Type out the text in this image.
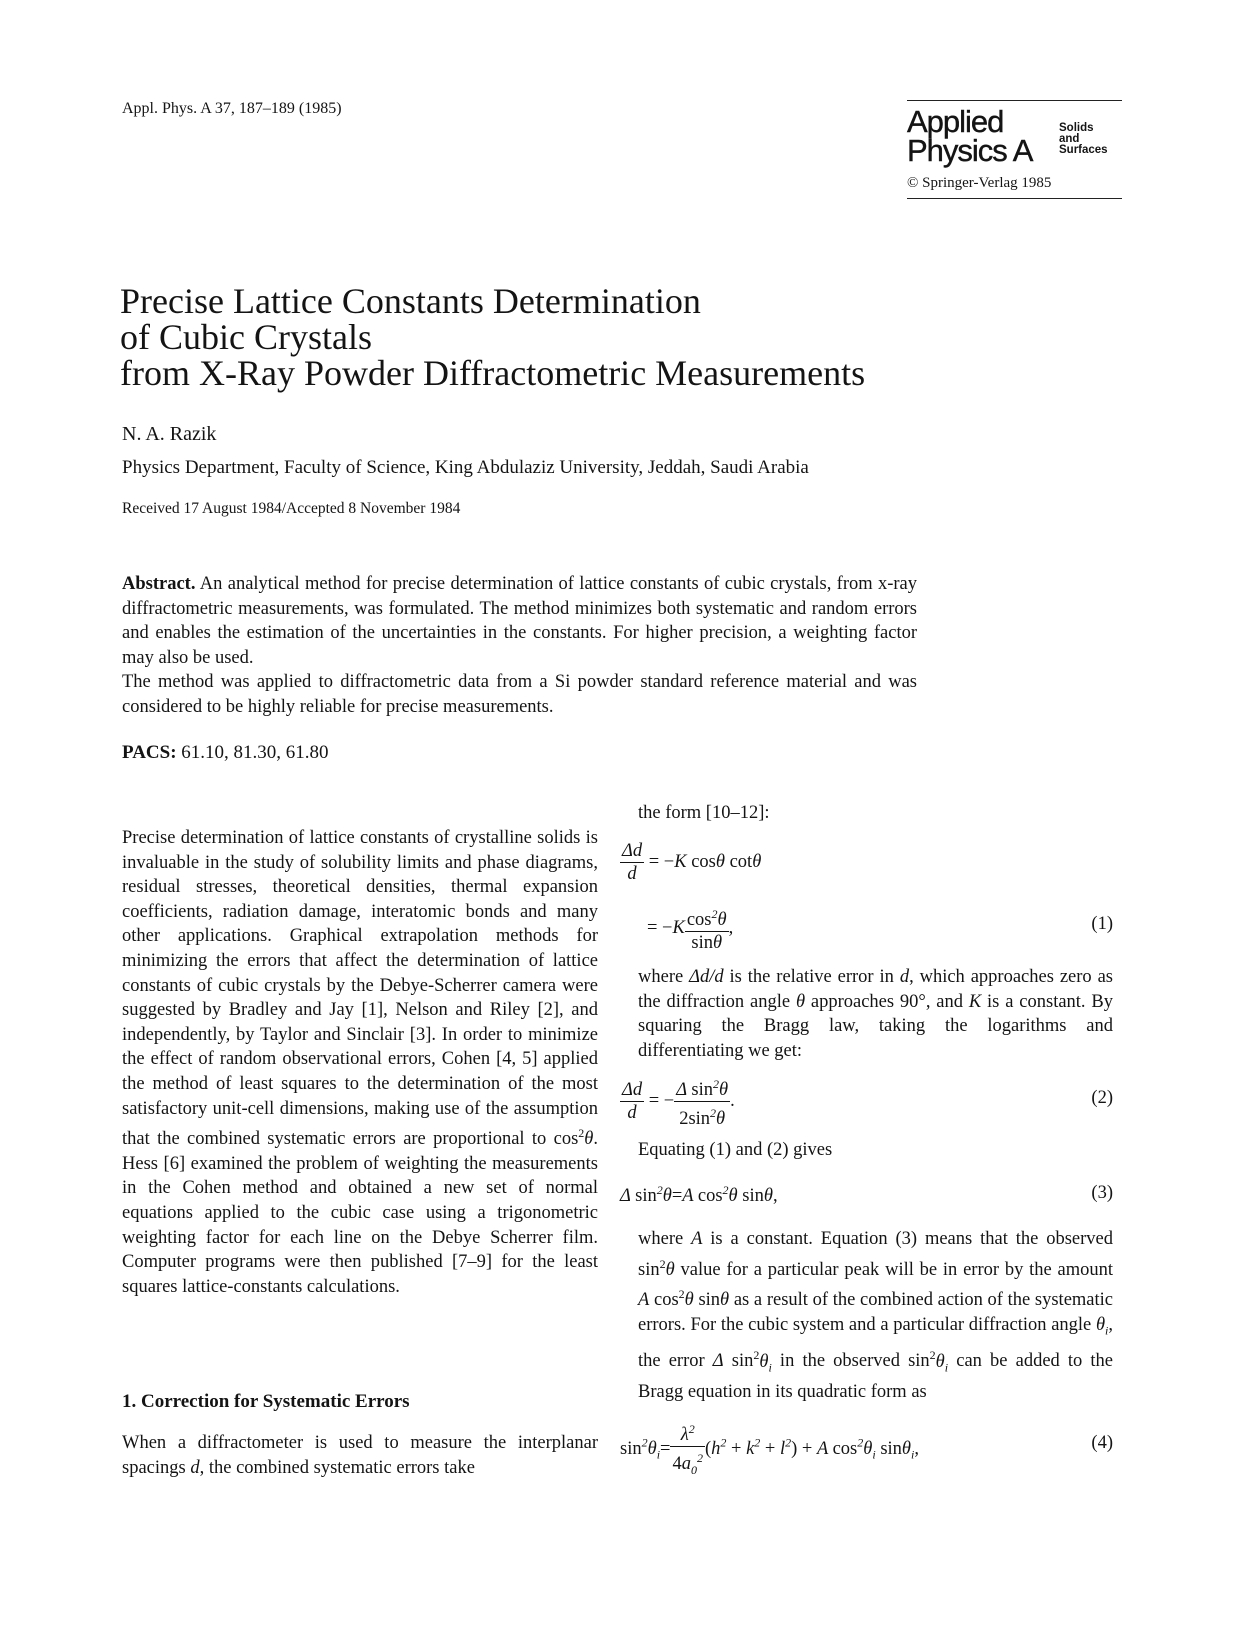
Appl. Phys. A 37, 187–189 (1985)	Applied
Physics A
Solids
and
Surfaces
© Springer-Verlag 1985
Precise Lattice Constants Determination
of Cubic Crystals
from X-Ray Powder Diffractometric Measurements
N. A. Razik
Physics Department, Faculty of Science, King Abdulaziz University, Jeddah, Saudi Arabia
Received 17 August 1984/Accepted 8 November 1984

Abstract. An analytical method for precise determination of lattice constants of cubic crystals, from x-ray diffractometric measurements, was formulated. The method minimizes both systematic and random errors and enables the estimation of the uncertainties in the constants. For higher precision, a weighting factor may also be used.

The method was applied to diffractometric data from a Si powder standard reference material and was considered to be highly reliable for precise measurements.

PACS: 61.10, 81.30, 61.80

Precise determination of lattice constants of crystalline solids is invaluable in the study of solubility limits and phase diagrams, residual stresses, theoretical densities, thermal expansion coefficients, radiation damage, interatomic bonds and many other applications. Graphical extrapolation methods for minimizing the errors that affect the determination of lattice constants of cubic crystals by the Debye-Scherrer camera were suggested by Bradley and Jay [1], Nelson and Riley [2], and independently, by Taylor and Sinclair [3]. In order to minimize the effect of random observational errors, Cohen [4, 5] applied the method of least squares to the determination of the most satisfactory unit-cell dimensions, making use of the assumption that the combined systematic errors are proportional to $\cos^2\theta$. Hess [6] examined the problem of weighting the measurements in the Cohen method and obtained a new set of normal equations applied to the cubic case using a trigonometric weighting factor for each line on the Debye Scherrer film. Computer programs were then published [7–9] for the least squares lattice-constants calculations.

1. Correction for Systematic Errors
When a diffractometer is used to measure the interplanar spacings d, the combined systematic errors take
the form [10–12]:
$\frac{\Delta d}{d} = -K$ cosθ cotθ
= $-K \frac{\cos^2\theta}{\sin\theta}$ ,	(1)
where Δd/d is the relative error in d, which approaches zero as the diffraction angle θ approaches 90°, and K is a constant. By squaring the Bragg law, taking the logarithms and differentiating we get:
$\frac{\Delta d}{d}$ = − $\frac{\Delta \sin^2\theta}{2\sin^2\theta}$ .	(2)
Equating (1) and (2) gives
Δ $\sin^2\theta=A$ $\cos^2\theta$ sinθ,	(3)
where A is a constant. Equation (3) means that the observed $\sin^2\theta$ value for a particular peak will be in error by the amount A $\cos^2\theta$ sinθ as a result of the combined action of the systematic errors. For the cubic system and a particular diffraction angle $\theta_i$, the error Δ $\sin^2\theta_i$ in the observed $\sin^2\theta_i$ can be added to the Bragg equation in its quadratic form as
$\sin^2\theta_i= \frac{\lambda^2}{4a_0^2} (h^2 + k^2 + l^2) + A$ $\cos^2\theta_i$ sinθ$_i$,	(4)
